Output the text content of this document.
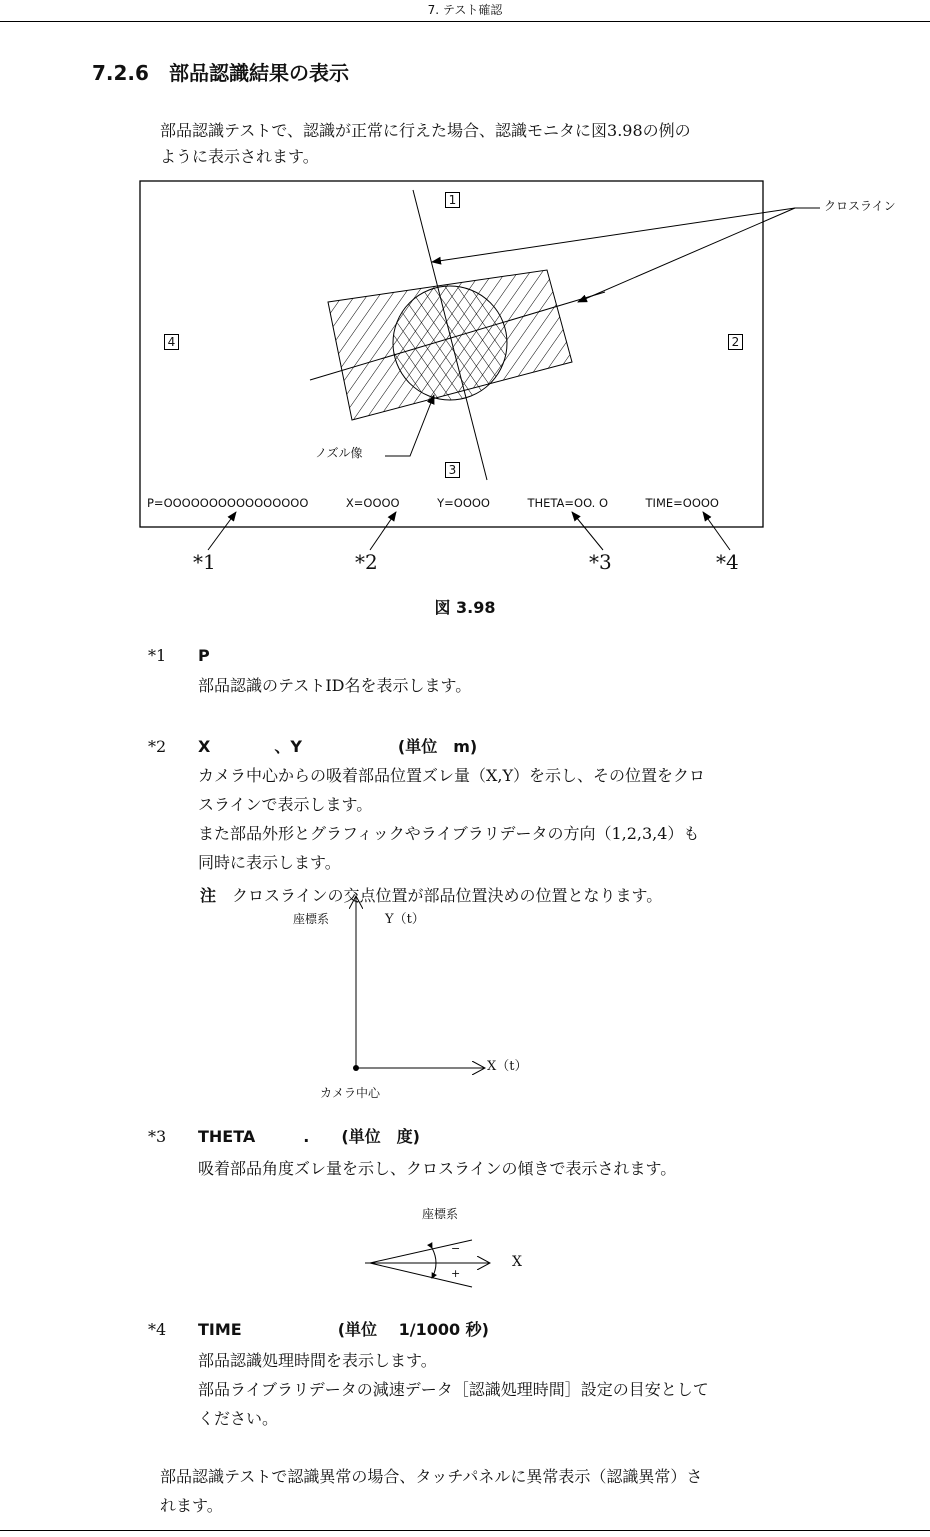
7. テスト確認
7.2.6　 部品認識結果の表示
部品認識テストで、認識が正常に行えた場合、認識モニタに図3.98の例の
ように表示されます。
クロスライン
1
2
3
4
ノズル像
P=OOOOOOOOOOOOOOOO	X=OOOO	Y=OOOO	THETA=OO. O	TIME=OOOO
*1	*2	*3	*4
図 3.98
*1 P
部品認識のテストID名を表示します。
*2 X　　　　、Y　　　　　　(単位　m)
カメラ中心からの吸着部品位置ズレ量（X,Y）を示し、その位置をクロ
スラインで表示します。
また部品外形とグラフィックやライブラリデータの方向（1,2,3,4）も
同時に表示します。
注 クロスラインの交点位置が部品位置決めの位置となります。
座標系	Y（t）
X（t）
カメラ中心
*3 THETA　　　.　　(単位　度)
吸着部品角度ズレ量を示し、クロスラインの傾きで表示されます。
座標系
−
+
X
*4 TIME　　　　　　(単位　 1/1000 秒)
部品認識処理時間を表示します。
部品ライブラリデータの減速データ［認識処理時間］設定の目安として
ください。
部品認識テストで認識異常の場合、タッチパネルに異常表示（認識異常）さ
れます。
